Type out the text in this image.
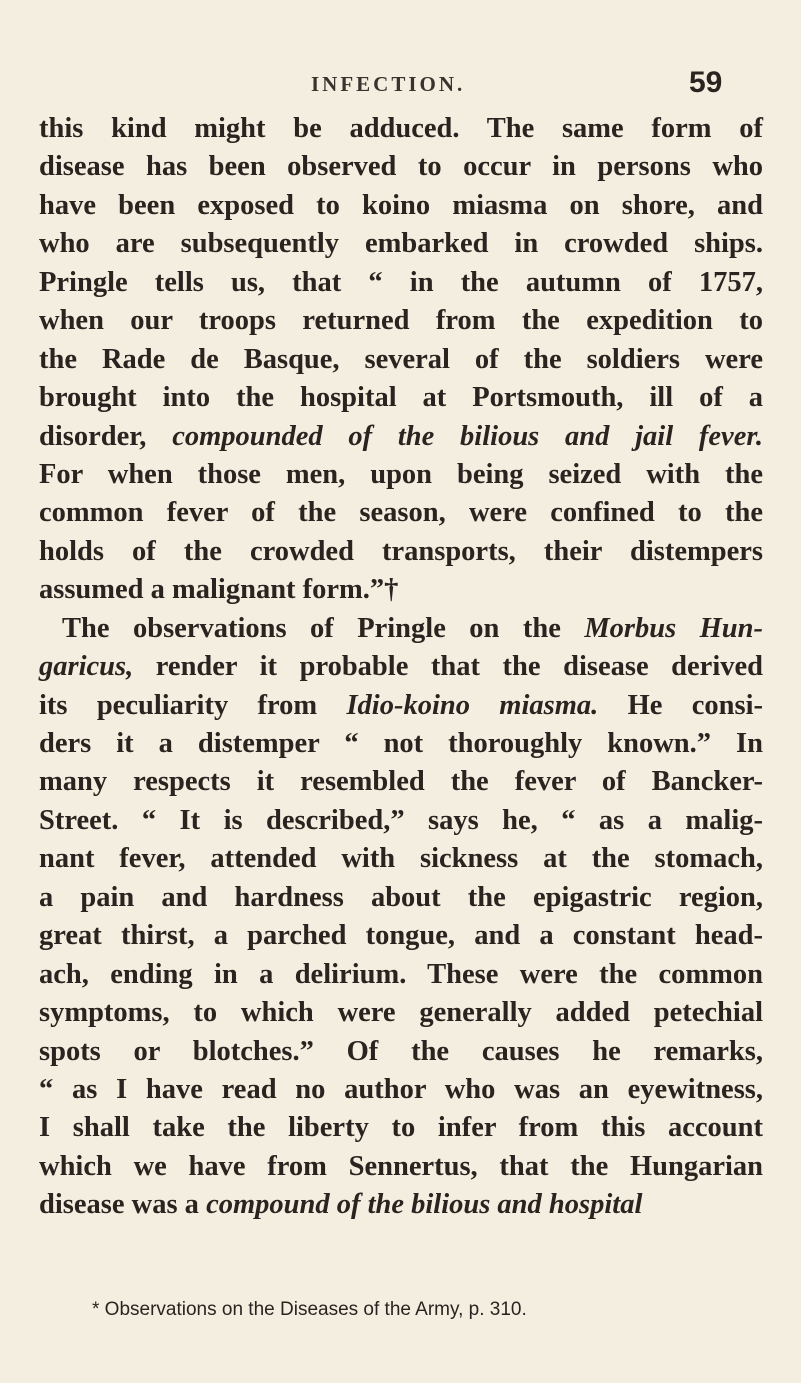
INFECTION.	59
this kind might be adduced. The same form of
disease has been observed to occur in persons who
have been exposed to koino miasma on shore, and
who are subsequently embarked in crowded ships.
Pringle tells us, that “ in the autumn of 1757,
when our troops returned from the expedition to
the Rade de Basque, several of the soldiers were
brought into the hospital at Portsmouth, ill of a
disorder, compounded of the bilious and jail fever.
For when those men, upon being seized with the
common fever of the season, were confined to the
holds of the crowded transports, their distempers
assumed a malignant form.”†
The observations of Pringle on the Morbus Hun-
garicus, render it probable that the disease derived
its peculiarity from Idio-koino miasma. He consi-
ders it a distemper “ not thoroughly known.” In
many respects it resembled the fever of Bancker-
Street. “ It is described,” says he, “ as a malig-
nant fever, attended with sickness at the stomach,
a pain and hardness about the epigastric region,
great thirst, a parched tongue, and a constant head-
ach, ending in a delirium. These were the common
symptoms, to which were generally added petechial
spots or blotches.” Of the causes he remarks,
“ as I have read no author who was an eyewitness,
I shall take the liberty to infer from this account
which we have from Sennertus, that the Hungarian
disease was a compound of the bilious and hospital
* Observations on the Diseases of the Army, p. 310.
